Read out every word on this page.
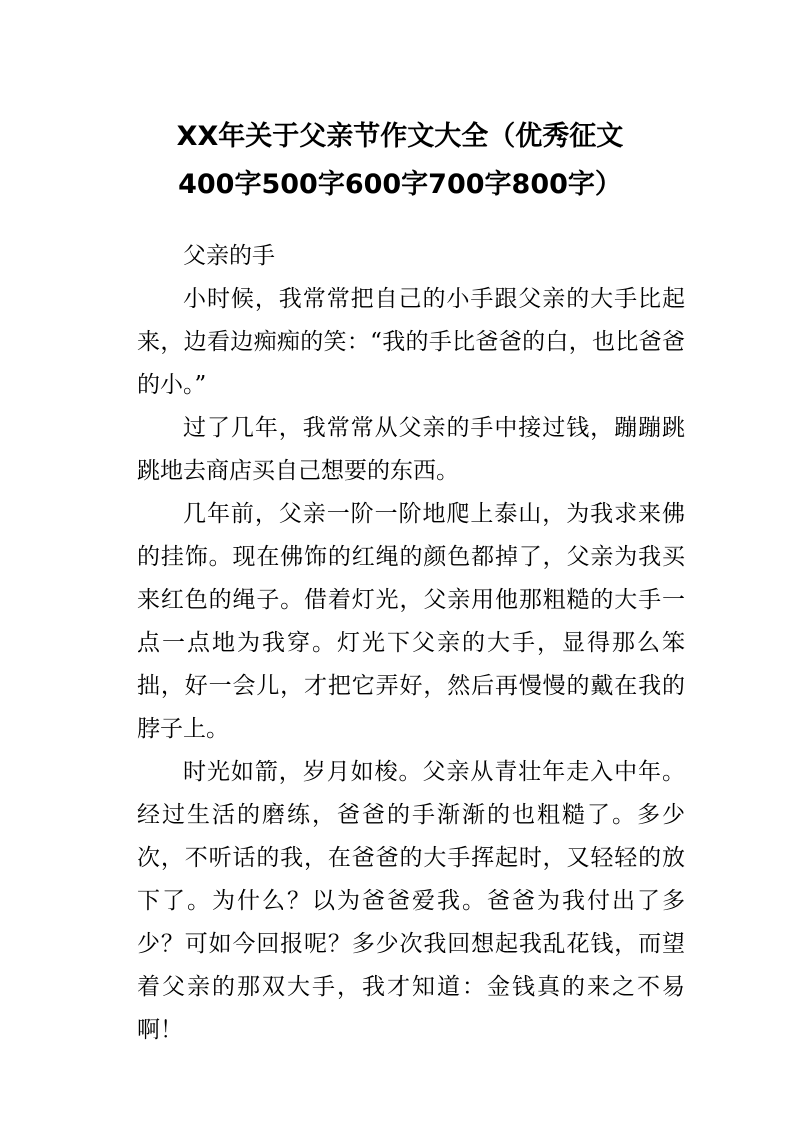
XX年关于父亲节作文大全（优秀征文
400字500字600字700字800字）

父亲的手

小时候，我常常把自己的小手跟父亲的大手比起来，边看边痴痴的笑：“我的手比爸爸的白，也比爸爸的小。”

过了几年，我常常从父亲的手中接过钱，蹦蹦跳跳地去商店买自己想要的东西。

几年前，父亲一阶一阶地爬上泰山，为我求来佛的挂饰。现在佛饰的红绳的颜色都掉了，父亲为我买来红色的绳子。借着灯光，父亲用他那粗糙的大手一点一点地为我穿。灯光下父亲的大手，显得那么笨拙，好一会儿，才把它弄好，然后再慢慢的戴在我的脖子上。

时光如箭，岁月如梭。父亲从青壮年走入中年。经过生活的磨练，爸爸的手渐渐的也粗糙了。多少次，不听话的我，在爸爸的大手挥起时，又轻轻的放下了。为什么？以为爸爸爱我。爸爸为我付出了多少？可如今回报呢？多少次我回想起我乱花钱，而望着父亲的那双大手，我才知道：金钱真的来之不易啊！
